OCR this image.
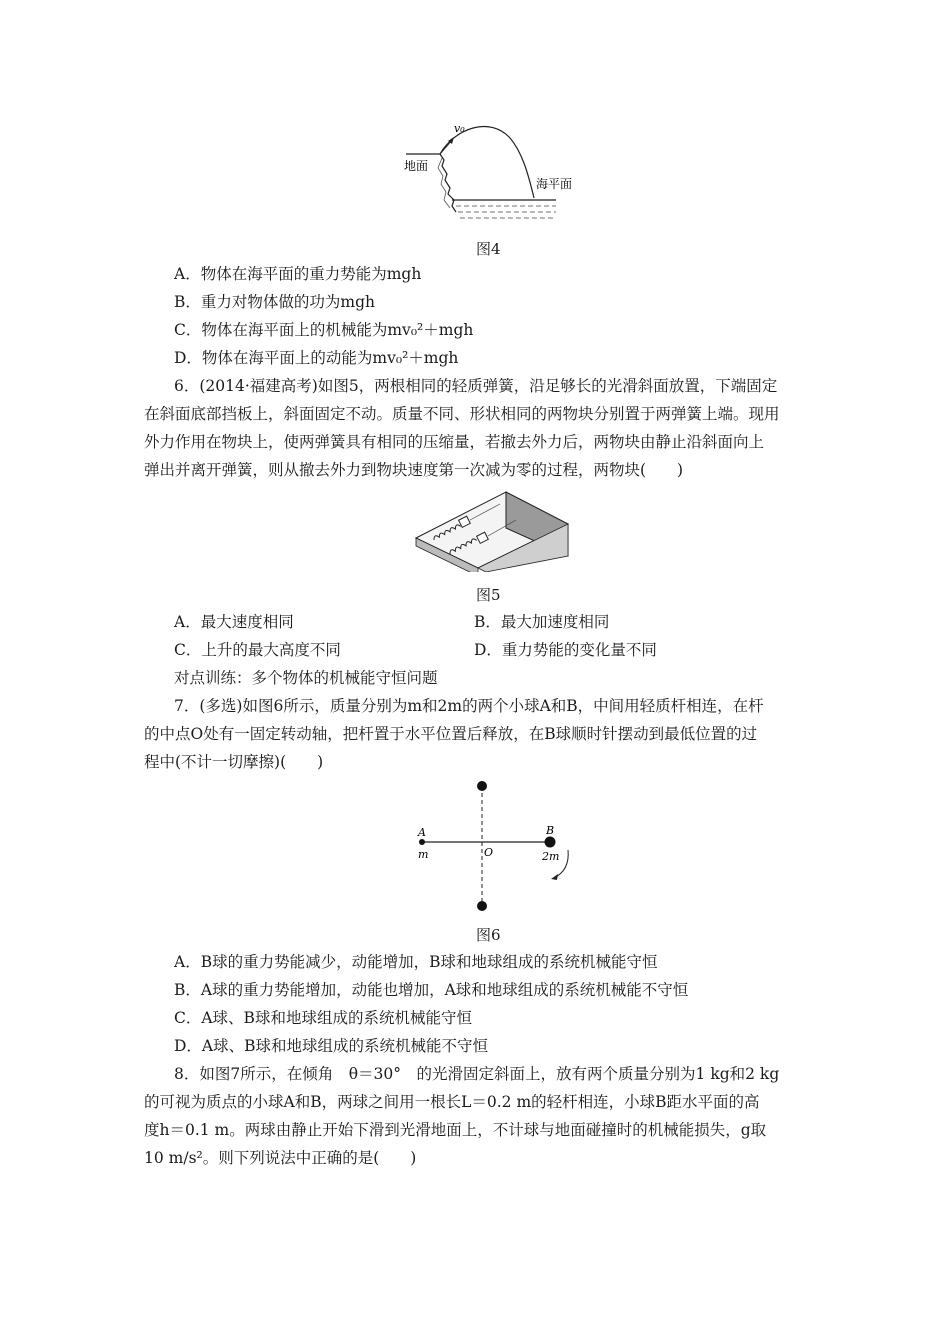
地面
海平面
v₀
图4
A．物体在海平面的重力势能为mgh
B．重力对物体做的功为mgh
C．物体在海平面上的机械能为mv₀²＋mgh
D．物体在海平面上的动能为mv₀²＋mgh
6．(2014·福建高考)如图5，两根相同的轻质弹簧，沿足够长的光滑斜面放置，下端固定
在斜面底部挡板上，斜面固定不动。质量不同、形状相同的两物块分别置于两弹簧上端。现用
外力作用在物块上，使两弹簧具有相同的压缩量，若撤去外力后，两物块由静止沿斜面向上
弹出并离开弹簧，则从撤去外力到物块速度第一次减为零的过程，两物块(　　)
图5
A．最大速度相同	B．最大加速度相同
C．上升的最大高度不同	D．重力势能的变化量不同
对点训练：多个物体的机械能守恒问题
7．(多选)如图6所示，质量分别为m和2m的两个小球A和B，中间用轻质杆相连，在杆
的中点O处有一固定转动轴，把杆置于水平位置后释放，在B球顺时针摆动到最低位置的过
程中(不计一切摩擦)(　　)
A
m
B
2m
O
图6
A．B球的重力势能减少，动能增加，B球和地球组成的系统机械能守恒
B．A球的重力势能增加，动能也增加，A球和地球组成的系统机械能不守恒
C．A球、B球和地球组成的系统机械能守恒
D．A球、B球和地球组成的系统机械能不守恒
8．如图7所示，在倾角　θ＝30°　的光滑固定斜面上，放有两个质量分别为1 kg和2 kg
的可视为质点的小球A和B，两球之间用一根长L＝0.2 m的轻杆相连，小球B距水平面的高
度h＝0.1 m。两球由静止开始下滑到光滑地面上，不计球与地面碰撞时的机械能损失，g取
10 m/s²。则下列说法中正确的是(　　)
